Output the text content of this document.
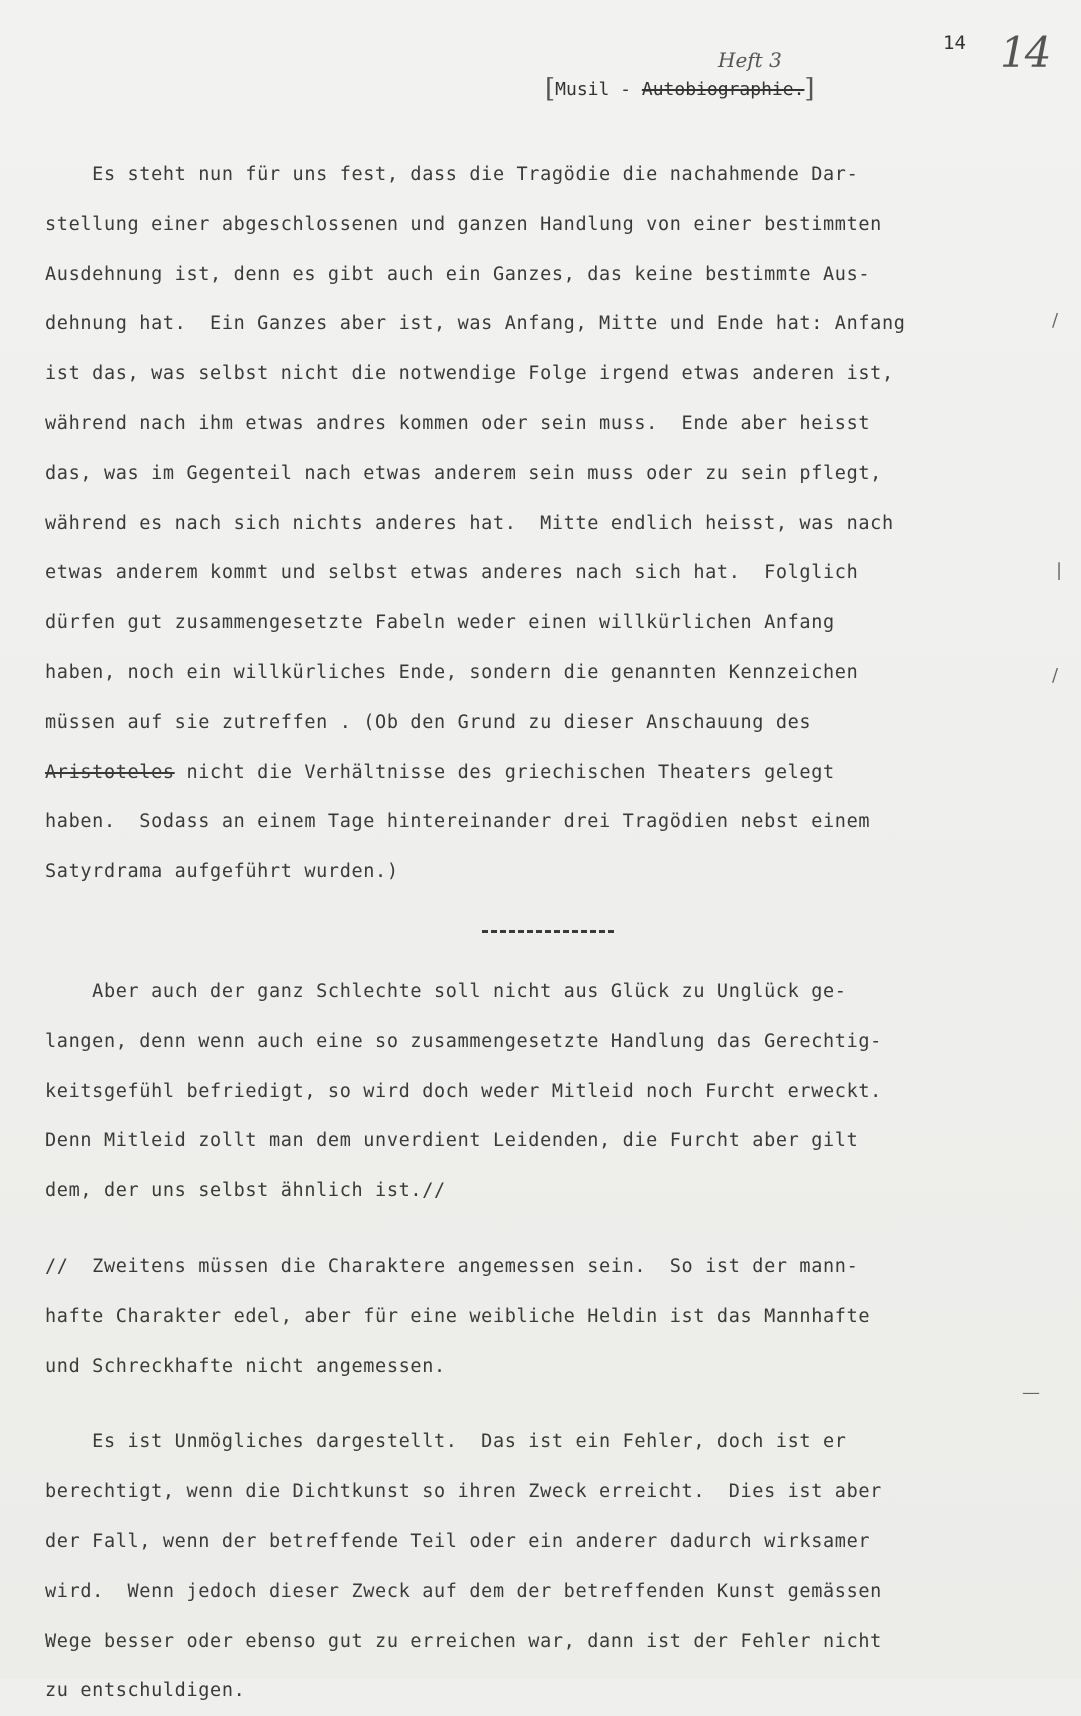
14
14
Heft 3
[Musil - Autobiographie.]
Es steht nun für uns fest, dass die Tragödie die nachahmende Dar-
stellung einer abgeschlossenen und ganzen Handlung von einer bestimmten
Ausdehnung ist, denn es gibt auch ein Ganzes, das keine bestimmte Aus-
dehnung hat.  Ein Ganzes aber ist, was Anfang, Mitte und Ende hat: Anfang
ist das, was selbst nicht die notwendige Folge irgend etwas anderen ist,
während nach ihm etwas andres kommen oder sein muss.  Ende aber heisst
das, was im Gegenteil nach etwas anderem sein muss oder zu sein pflegt,
während es nach sich nichts anderes hat.  Mitte endlich heisst, was nach
etwas anderem kommt und selbst etwas anderes nach sich hat.  Folglich
dürfen gut zusammengesetzte Fabeln weder einen willkürlichen Anfang
haben, noch ein willkürliches Ende, sondern die genannten Kennzeichen
müssen auf sie zutreffen . (Ob den Grund zu dieser Anschauung des
Aristoteles nicht die Verhältnisse des griechischen Theaters gelegt
haben.  Sodass an einem Tage hintereinander drei Tragödien nebst einem
Satyrdrama aufgeführt wurden.)
Aber auch der ganz Schlechte soll nicht aus Glück zu Unglück ge-
langen, denn wenn auch eine so zusammengesetzte Handlung das Gerechtig-
keitsgefühl befriedigt, so wird doch weder Mitleid noch Furcht erweckt.
Denn Mitleid zollt man dem unverdient Leidenden, die Furcht aber gilt
dem, der uns selbst ähnlich ist.//
//  Zweitens müssen die Charaktere angemessen sein.  So ist der mann-
hafte Charakter edel, aber für eine weibliche Heldin ist das Mannhafte
und Schreckhafte nicht angemessen.
Es ist Unmögliches dargestellt.  Das ist ein Fehler, doch ist er
berechtigt, wenn die Dichtkunst so ihren Zweck erreicht.  Dies ist aber
der Fall, wenn der betreffende Teil oder ein anderer dadurch wirksamer
wird.  Wenn jedoch dieser Zweck auf dem der betreffenden Kunst gemässen
Wege besser oder ebenso gut zu erreichen war, dann ist der Fehler nicht
zu entschuldigen.
/
|
/
—
